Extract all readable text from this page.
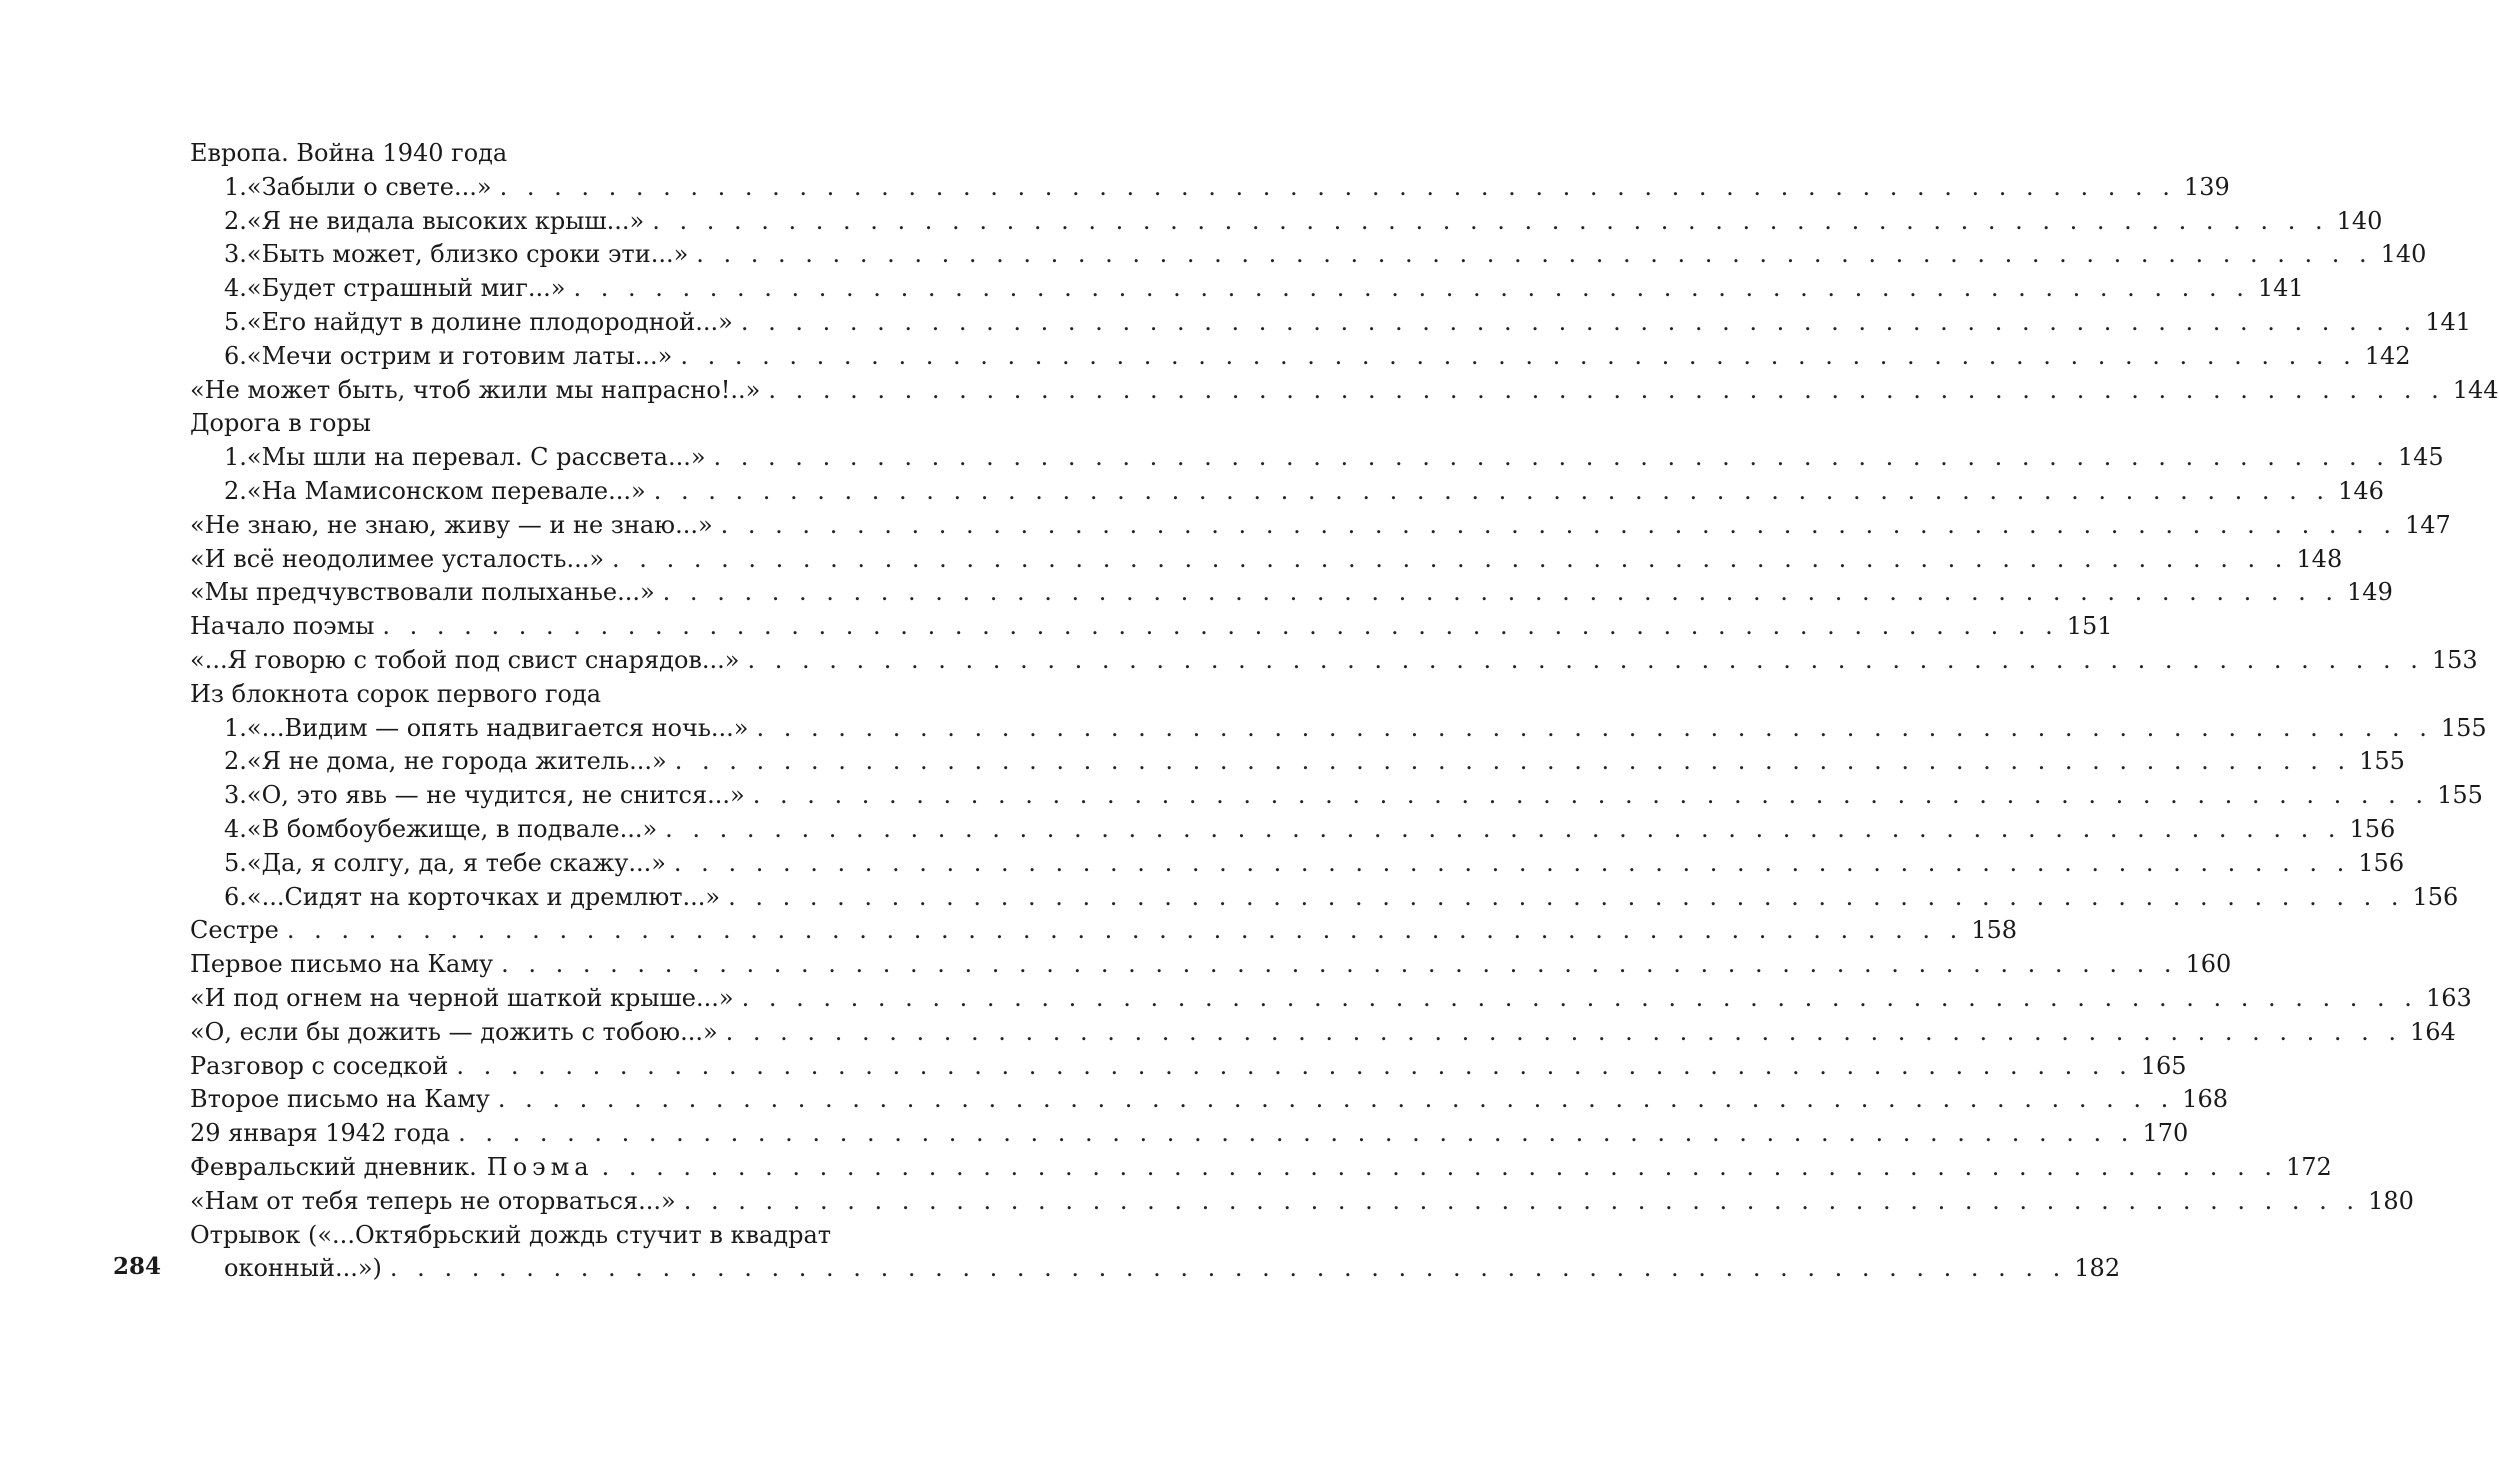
Европа. Война 1940 года
1. «Забыли о свете...» . . . . . . . . . . . . . . . . . . . . . . . . . . . . . . . . . . . . . . . . . . . . . . . . . . . . . . . . . . . . . . 139
2. «Я не видала высоких крыш...» . . . . . . . . . . . . . . . . . . . . . . . . . . . . . . . . . . . . . . . . . . . . . . . . . . . . . . . . . . . . . . 140
3. «Быть может, близко сроки эти...» . . . . . . . . . . . . . . . . . . . . . . . . . . . . . . . . . . . . . . . . . . . . . . . . . . . . . . . . . . . . . . 140
4. «Будет страшный миг...» . . . . . . . . . . . . . . . . . . . . . . . . . . . . . . . . . . . . . . . . . . . . . . . . . . . . . . . . . . . . . . 141
5. «Его найдут в долине плодородной...» . . . . . . . . . . . . . . . . . . . . . . . . . . . . . . . . . . . . . . . . . . . . . . . . . . . . . . . . . . . . . . 141
6. «Мечи острим и готовим латы...» . . . . . . . . . . . . . . . . . . . . . . . . . . . . . . . . . . . . . . . . . . . . . . . . . . . . . . . . . . . . . . 142
«Не может быть, чтоб жили мы напрасно!..» . . . . . . . . . . . . . . . . . . . . . . . . . . . . . . . . . . . . . . . . . . . . . . . . . . . . . . . . . . . . . . 144
Дорога в горы
1. «Мы шли на перевал. С рассвета...» . . . . . . . . . . . . . . . . . . . . . . . . . . . . . . . . . . . . . . . . . . . . . . . . . . . . . . . . . . . . . . 145
2. «На Мамисонском перевале...» . . . . . . . . . . . . . . . . . . . . . . . . . . . . . . . . . . . . . . . . . . . . . . . . . . . . . . . . . . . . . . 146
«Не знаю, не знаю, живу — и не знаю...» . . . . . . . . . . . . . . . . . . . . . . . . . . . . . . . . . . . . . . . . . . . . . . . . . . . . . . . . . . . . . . 147
«И всё неодолимее усталость...» . . . . . . . . . . . . . . . . . . . . . . . . . . . . . . . . . . . . . . . . . . . . . . . . . . . . . . . . . . . . . . 148
«Мы предчувствовали полыханье...» . . . . . . . . . . . . . . . . . . . . . . . . . . . . . . . . . . . . . . . . . . . . . . . . . . . . . . . . . . . . . . 149
Начало поэмы . . . . . . . . . . . . . . . . . . . . . . . . . . . . . . . . . . . . . . . . . . . . . . . . . . . . . . . . . . . . . . 151
«...Я говорю с тобой под свист снарядов...» . . . . . . . . . . . . . . . . . . . . . . . . . . . . . . . . . . . . . . . . . . . . . . . . . . . . . . . . . . . . . . 153
Из блокнота сорок первого года
1. «...Видим — опять надвигается ночь...» . . . . . . . . . . . . . . . . . . . . . . . . . . . . . . . . . . . . . . . . . . . . . . . . . . . . . . . . . . . . . . 155
2. «Я не дома, не города житель...» . . . . . . . . . . . . . . . . . . . . . . . . . . . . . . . . . . . . . . . . . . . . . . . . . . . . . . . . . . . . . . 155
3. «О, это явь — не чудится, не снится...» . . . . . . . . . . . . . . . . . . . . . . . . . . . . . . . . . . . . . . . . . . . . . . . . . . . . . . . . . . . . . . 155
4. «В бомбоубежище, в подвале...» . . . . . . . . . . . . . . . . . . . . . . . . . . . . . . . . . . . . . . . . . . . . . . . . . . . . . . . . . . . . . . 156
5. «Да, я солгу, да, я тебе скажу...» . . . . . . . . . . . . . . . . . . . . . . . . . . . . . . . . . . . . . . . . . . . . . . . . . . . . . . . . . . . . . . 156
6. «...Сидят на корточках и дремлют...» . . . . . . . . . . . . . . . . . . . . . . . . . . . . . . . . . . . . . . . . . . . . . . . . . . . . . . . . . . . . . . 156
Сестре . . . . . . . . . . . . . . . . . . . . . . . . . . . . . . . . . . . . . . . . . . . . . . . . . . . . . . . . . . . . . . 158
Первое письмо на Каму . . . . . . . . . . . . . . . . . . . . . . . . . . . . . . . . . . . . . . . . . . . . . . . . . . . . . . . . . . . . . . 160
«И под огнем на черной шаткой крыше...» . . . . . . . . . . . . . . . . . . . . . . . . . . . . . . . . . . . . . . . . . . . . . . . . . . . . . . . . . . . . . . 163
«О, если бы дожить — дожить с тобою...» . . . . . . . . . . . . . . . . . . . . . . . . . . . . . . . . . . . . . . . . . . . . . . . . . . . . . . . . . . . . . . 164
Разговор с соседкой . . . . . . . . . . . . . . . . . . . . . . . . . . . . . . . . . . . . . . . . . . . . . . . . . . . . . . . . . . . . . . 165
Второе письмо на Каму . . . . . . . . . . . . . . . . . . . . . . . . . . . . . . . . . . . . . . . . . . . . . . . . . . . . . . . . . . . . . . 168
29 января 1942 года . . . . . . . . . . . . . . . . . . . . . . . . . . . . . . . . . . . . . . . . . . . . . . . . . . . . . . . . . . . . . . 170
Февральский дневник. Поэма . . . . . . . . . . . . . . . . . . . . . . . . . . . . . . . . . . . . . . . . . . . . . . . . . . . . . . . . . . . . . . 172
«Нам от тебя теперь не оторваться...» . . . . . . . . . . . . . . . . . . . . . . . . . . . . . . . . . . . . . . . . . . . . . . . . . . . . . . . . . . . . . . 180
Отрывок («...Октябрьский дождь стучит в квадрат
оконный...») . . . . . . . . . . . . . . . . . . . . . . . . . . . . . . . . . . . . . . . . . . . . . . . . . . . . . . . . . . . . . . 182
284
